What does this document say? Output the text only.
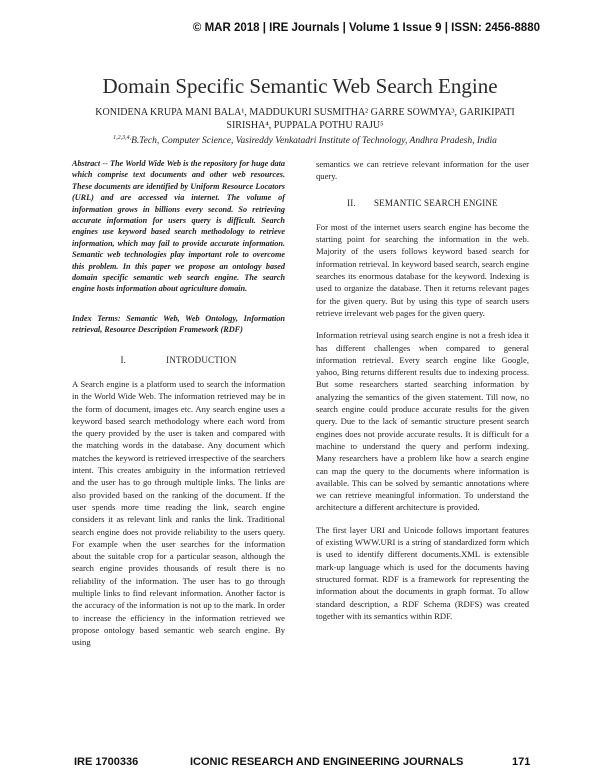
© MAR 2018 | IRE Journals | Volume 1 Issue 9 | ISSN: 2456-8880
Domain Specific Semantic Web Search Engine
KONIDENA KRUPA MANI BALA¹, MADDUKURI SUSMITHA² GARRE SOWMYA³, GARIKIPATI
SIRISHA⁴, PUPPALA POTHU RAJU⁵
$^{1,2,3,4,}$B.Tech, Computer Science, Vasireddy Venkatadri Institute of Technology, Andhra Pradesh, India

Abstract -- The World Wide Web is the repository for huge data which comprise text documents and other web resources. These documents are identified by Uniform Resource Locators (URL) and are accessed via internet. The volume of information grows in billions every second. So retrieving accurate information for users query is difficult. Search engines use keyword based search methodology to retrieve information, which may fail to provide accurate information. Semantic web technologies play important role to overcome this problem. In this paper we propose an ontology based domain specific semantic web search engine. The search engine hosts information about agriculture domain.

Index Terms: Semantic Web, Web Ontology, Information retrieval, Resource Description Framework (RDF)

I.	INTRODUCTION

A Search engine is a platform used to search the information in the World Wide Web. The information retrieved may be in the form of document, images etc. Any search engine uses a keyword based search methodology where each word from the query provided by the user is taken and compared with the matching words in the database. Any document which matches the keyword is retrieved irrespective of the searchers intent. This creates ambiguity in the information retrieved and the user has to go through multiple links. The links are also provided based on the ranking of the document. If the user spends more time reading the link, search engine considers it as relevant link and ranks the link. Traditional search engine does not provide reliability to the users query. For example when the user searches for the information about the suitable crop for a particular season, although the search engine provides thousands of result there is no reliability of the information. The user has to go through multiple links to find relevant information. Another factor is the accuracy of the information is not up to the mark. In order to increase the efficiency in the information retrieved we propose ontology based semantic web search engine. By using

semantics we can retrieve relevant information for the user query.

II. SEMANTIC SEARCH ENGINE

For most of the internet users search engine has become the starting point for searching the information in the web. Majority of the users follows keyword based search for information retrieval. In keyword based search, search engine searches its enormous database for the keyword. Indexing is used to organize the database. Then it returns relevant pages for the given query. But by using this type of search users retrieve irrelevant web pages for the given query.

Information retrieval using search engine is not a fresh idea it has different challenges when compared to general information retrieval. Every search engine like Google, yahoo, Bing returns different results due to indexing process. But some researchers started searching information by analyzing the semantics of the given statement. Till now, no search engine could produce accurate results for the given query. Due to the lack of semantic structure present search engines does not provide accurate results. It is difficult for a machine to understand the query and perform indexing. Many researchers have a problem like how a search engine can map the query to the documents where information is available. This can be solved by semantic annotations where we can retrieve meaningful information. To understand the architecture a different architecture is provided.

The first layer URI and Unicode follows important features of existing WWW.URI is a string of standardized form which is used to identify different documents.XML is extensible mark-up language which is used for the documents having structured format. RDF is a framework for representing the information about the documents in graph format. To allow standard description, a RDF Schema (RDFS) was created together with its semantics within RDF.

IRE 1700336	ICONIC RESEARCH AND ENGINEERING JOURNALS	171
